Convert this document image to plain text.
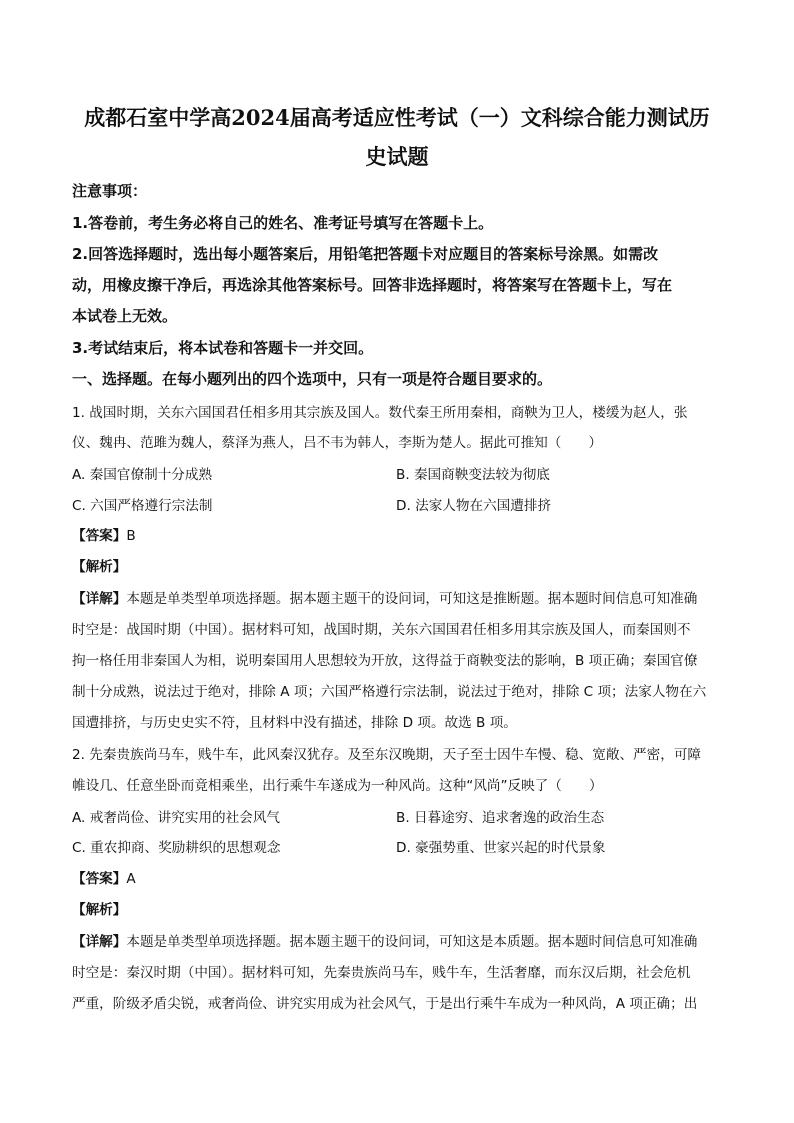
成都石室中学高2024届高考适应性考试（一）文科综合能力测试历
史试题
注意事项：
1.答卷前，考生务必将自己的姓名、准考证号填写在答题卡上。
2.回答选择题时，选出每小题答案后，用铅笔把答题卡对应题目的答案标号涂黑。如需改
动，用橡皮擦干净后，再选涂其他答案标号。回答非选择题时，将答案写在答题卡上，写在
本试卷上无效。
3.考试结束后，将本试卷和答题卡一并交回。
一、选择题。在每小题列出的四个选项中，只有一项是符合题目要求的。
1. 战国时期，关东六国国君任相多用其宗族及国人。数代秦王所用秦相，商鞅为卫人，楼缓为赵人，张
仪、魏冉、范雎为魏人，蔡泽为燕人，吕不韦为韩人，李斯为楚人。据此可推知（　　）
A. 秦国官僚制十分成熟	B. 秦国商鞅变法较为彻底
C. 六国严格遵行宗法制	D. 法家人物在六国遭排挤
【答案】B
【解析】
【详解】本题是单类型单项选择题。据本题主题干的设问词，可知这是推断题。据本题时间信息可知准确
时空是：战国时期（中国）。据材料可知，战国时期，关东六国国君任相多用其宗族及国人，而秦国则不
拘一格任用非秦国人为相，说明秦国用人思想较为开放，这得益于商鞅变法的影响，B 项正确；秦国官僚
制十分成熟，说法过于绝对，排除 A 项；六国严格遵行宗法制，说法过于绝对，排除 C 项；法家人物在六
国遭排挤，与历史史实不符，且材料中没有描述，排除 D 项。故选 B 项。
2. 先秦贵族尚马车，贱牛车，此风秦汉犹存。及至东汉晚期，天子至士因牛车慢、稳、宽敞、严密，可障
帷设几、任意坐卧而竟相乘坐，出行乘牛车遂成为一种风尚。这种“风尚”反映了（　　）
A. 戒奢尚俭、讲究实用的社会风气	B. 日暮途穷、追求奢逸的政治生态
C. 重农抑商、奖励耕织的思想观念	D. 豪强势重、世家兴起的时代景象
【答案】A
【解析】
【详解】本题是单类型单项选择题。据本题主题干的设问词，可知这是本质题。据本题时间信息可知准确
时空是：秦汉时期（中国）。据材料可知，先秦贵族尚马车，贱牛车，生活奢靡，而东汉后期，社会危机
严重，阶级矛盾尖锐，戒奢尚俭、讲究实用成为社会风气，于是出行乘牛车成为一种风尚，A 项正确；出
